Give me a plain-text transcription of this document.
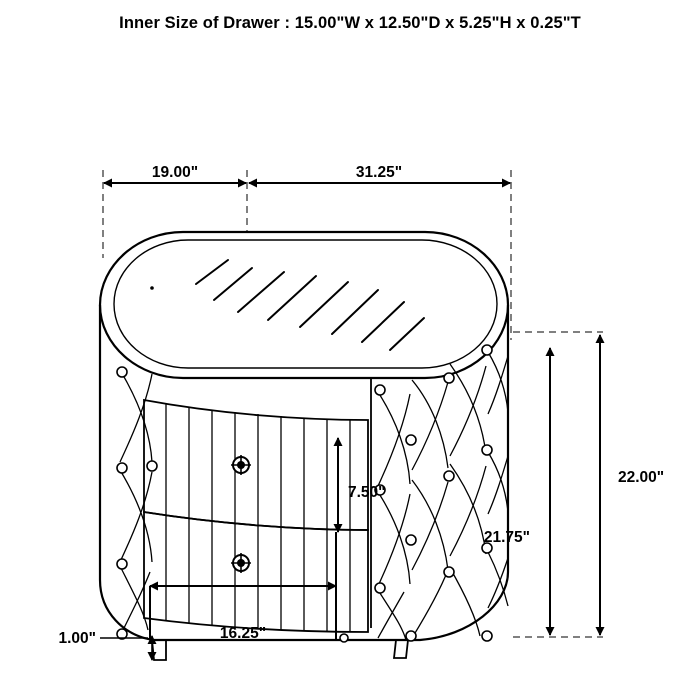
Inner Size of Drawer : 15.00"W x 12.50"D x 5.25"H x 0.25"T
19.00"	31.25"
7.50"
16.25"
1.00"
21.75"
22.00"
